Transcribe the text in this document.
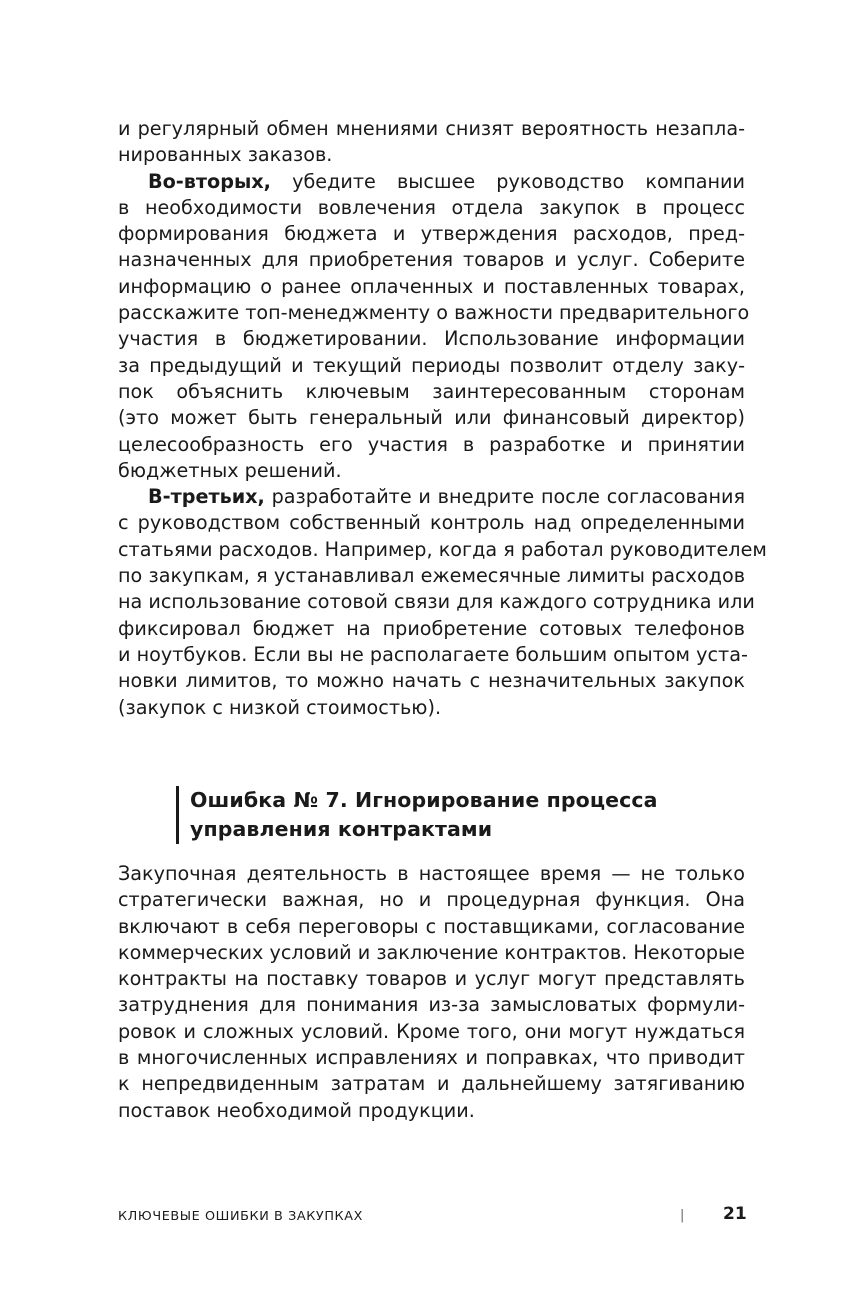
и регулярный обмен мнениями снизят вероятность незапла-
нированных заказов.

Во-вторых, убедите высшее руководство компании
в необходимости вовлечения отдела закупок в процесс
формирования бюджета и утверждения расходов, пред-
назначенных для приобретения товаров и услуг. Соберите
информацию о ранее оплаченных и поставленных товарах,
расскажите топ-менеджменту о важности предварительного
участия в бюджетировании. Использование информации
за предыдущий и текущий периоды позволит отделу заку-
пок объяснить ключевым заинтересованным сторонам
(это может быть генеральный или финансовый директор)
целесообразность его участия в разработке и принятии
бюджетных решений.

В-третьих, разработайте и внедрите после согласования
с руководством собственный контроль над определенными
статьями расходов. Например, когда я работал руководителем
по закупкам, я устанавливал ежемесячные лимиты расходов
на использование сотовой связи для каждого сотрудника или
фиксировал бюджет на приобретение сотовых телефонов
и ноутбуков. Если вы не располагаете большим опытом уста-
новки лимитов, то можно начать с незначительных закупок
(закупок с низкой стоимостью).

Ошибка № 7. Игнорирование процесса

управления контрактами

Закупочная деятельность в настоящее время — не только
стратегически важная, но и процедурная функция. Она
включают в себя переговоры с поставщиками, согласование
коммерческих условий и заключение контрактов. Некоторые
контракты на поставку товаров и услуг могут представлять
затруднения для понимания из-за замысловатых формули-
ровок и сложных условий. Кроме того, они могут нуждаться
в многочисленных исправлениях и поправках, что приводит
к непредвиденным затратам и дальнейшему затягиванию
поставок необходимой продукции.

КЛЮЧЕВЫЕ ОШИБКИ В ЗАКУПКАХ	| 21
